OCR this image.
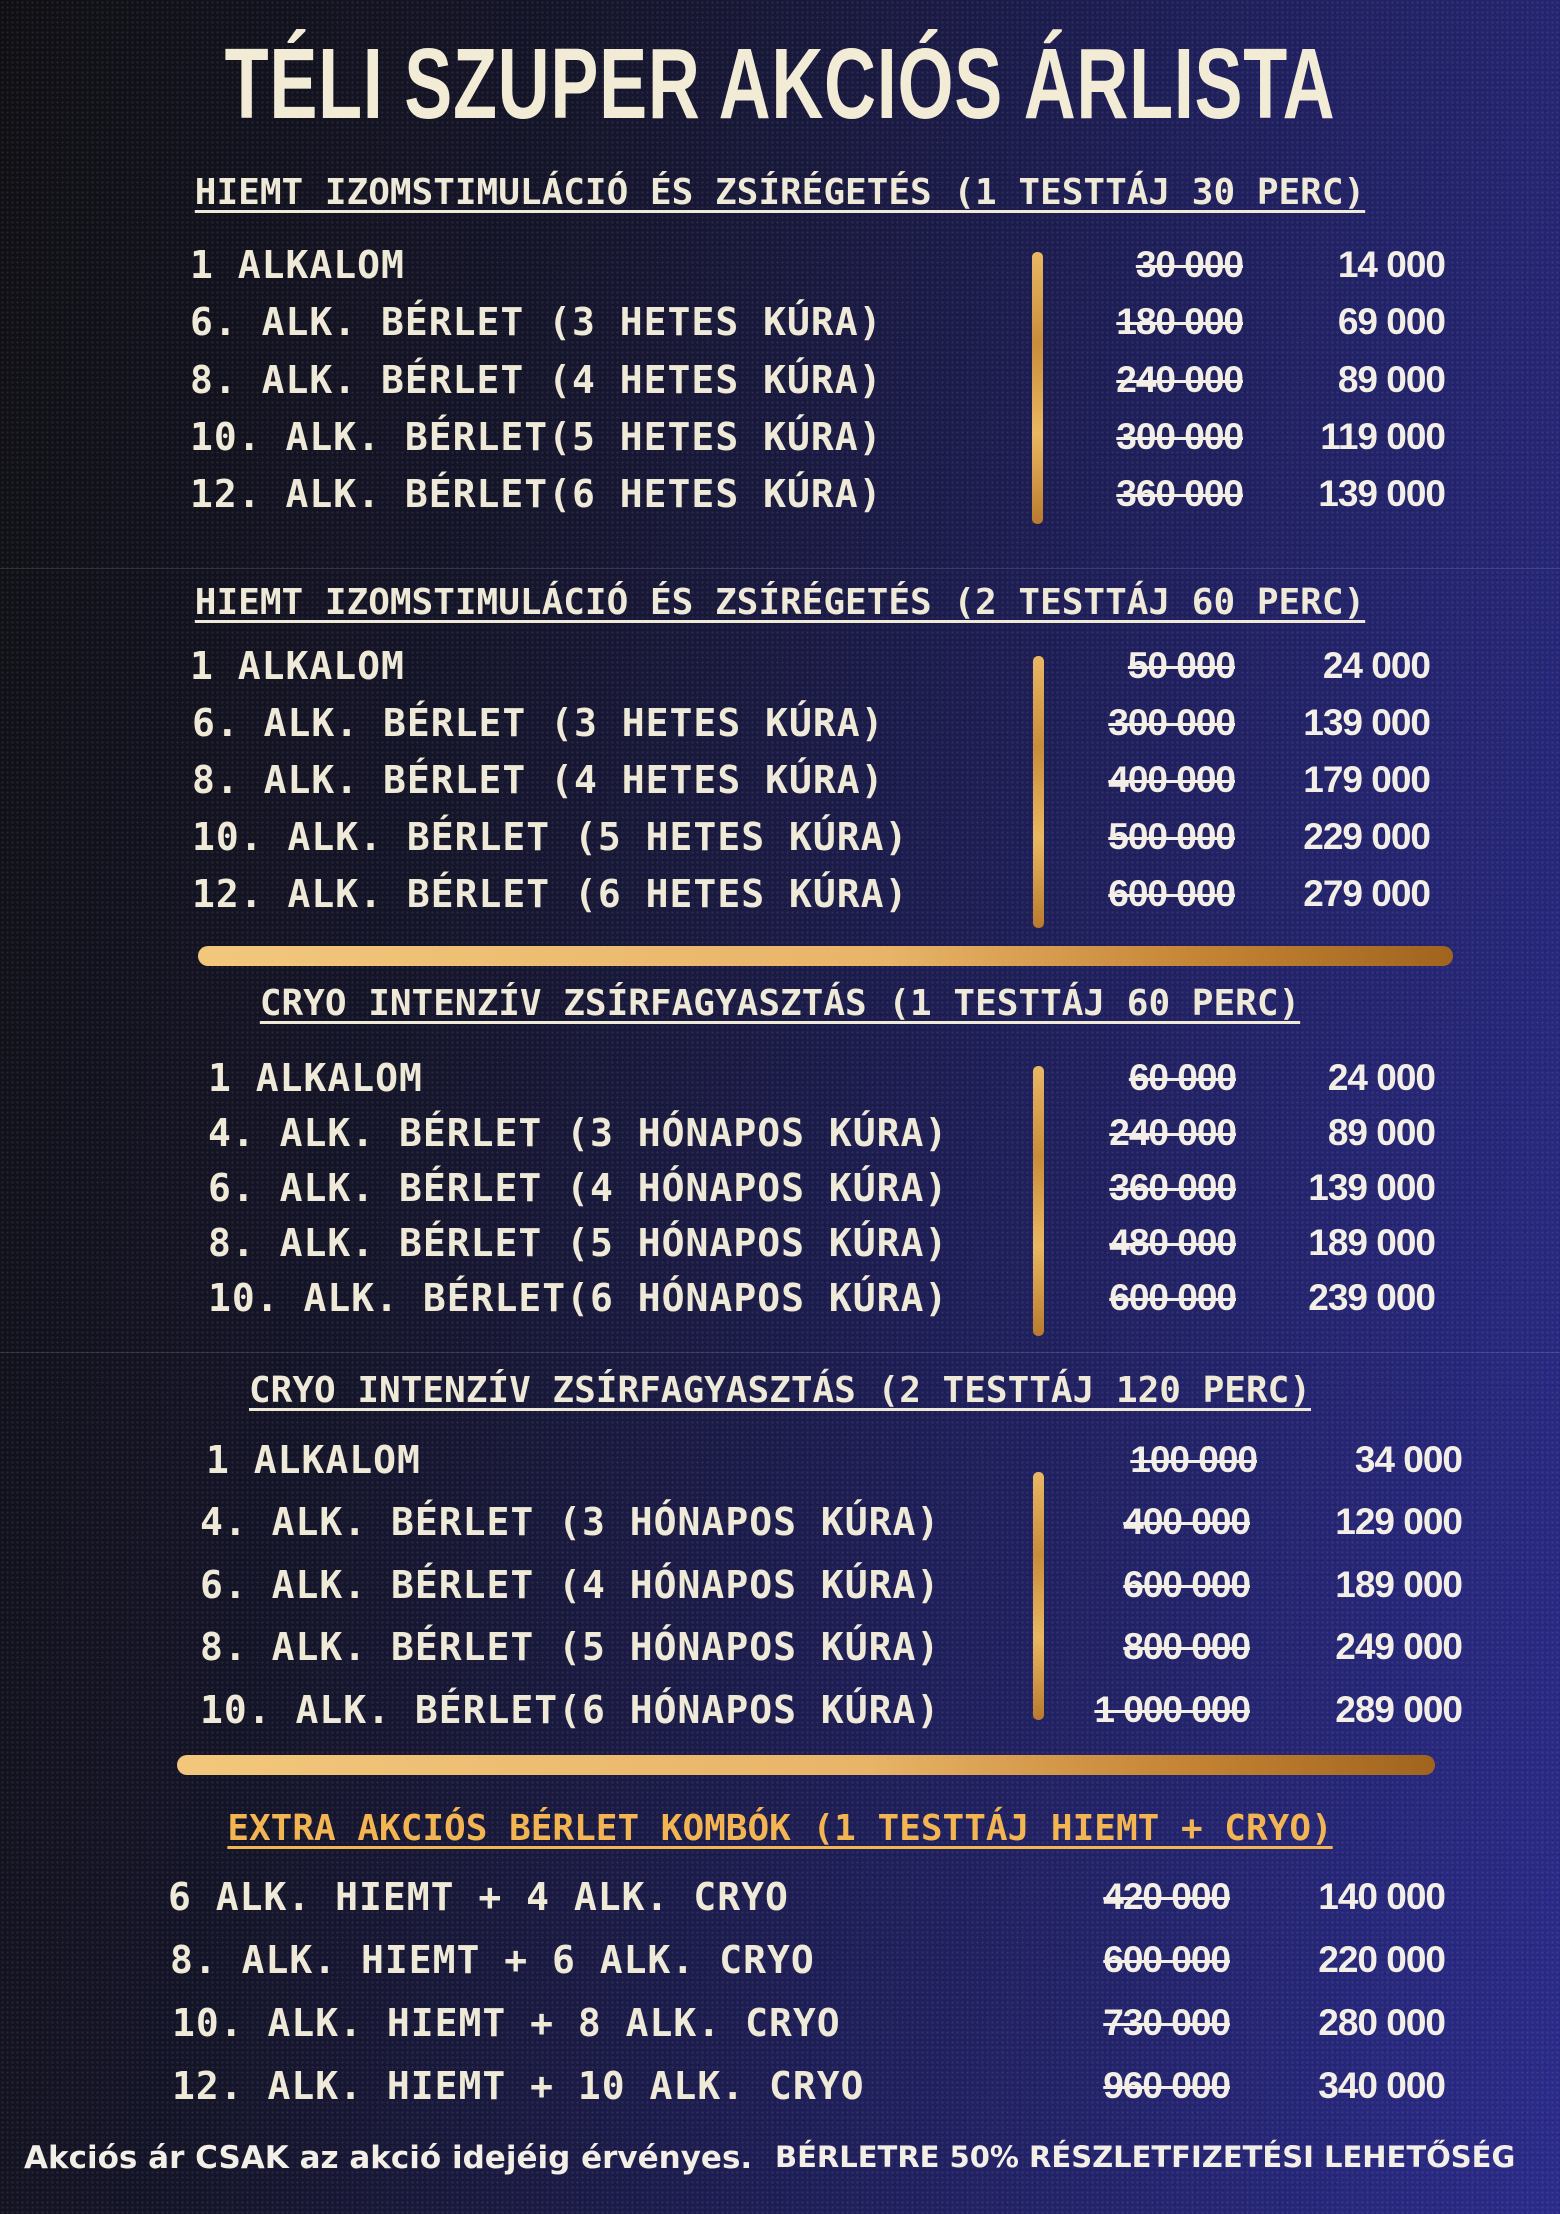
TÉLI SZUPER AKCIÓS ÁRLISTA
HIEMT IZOMSTIMULÁCIÓ ÉS ZSÍRÉGETÉS (1 TESTTÁJ 30 PERC)
1 ALKALOM	30 000	14 000
6. ALK. BÉRLET (3 HETES KÚRA)	180 000	69 000
8. ALK. BÉRLET (4 HETES KÚRA)	240 000	89 000
10. ALK. BÉRLET(5 HETES KÚRA)	300 000	119 000
12. ALK. BÉRLET(6 HETES KÚRA)	360 000	139 000
HIEMT IZOMSTIMULÁCIÓ ÉS ZSÍRÉGETÉS (2 TESTTÁJ 60 PERC)
1 ALKALOM	50 000	24 000
6. ALK. BÉRLET (3 HETES KÚRA)	300 000	139 000
8. ALK. BÉRLET (4 HETES KÚRA)	400 000	179 000
10. ALK. BÉRLET (5 HETES KÚRA)	500 000	229 000
12. ALK. BÉRLET (6 HETES KÚRA)	600 000	279 000
CRYO INTENZÍV ZSÍRFAGYASZTÁS (1 TESTTÁJ 60 PERC)
1 ALKALOM	60 000	24 000
4. ALK. BÉRLET (3 HÓNAPOS KÚRA)	240 000	89 000
6. ALK. BÉRLET (4 HÓNAPOS KÚRA)	360 000	139 000
8. ALK. BÉRLET (5 HÓNAPOS KÚRA)	480 000	189 000
10. ALK. BÉRLET(6 HÓNAPOS KÚRA)	600 000	239 000
CRYO INTENZÍV ZSÍRFAGYASZTÁS (2 TESTTÁJ 120 PERC)
1 ALKALOM	100 000	34 000
4. ALK. BÉRLET (3 HÓNAPOS KÚRA)	400 000	129 000
6. ALK. BÉRLET (4 HÓNAPOS KÚRA)	600 000	189 000
8. ALK. BÉRLET (5 HÓNAPOS KÚRA)	800 000	249 000
10. ALK. BÉRLET(6 HÓNAPOS KÚRA)	1 000 000	289 000
EXTRA AKCIÓS BÉRLET KOMBÓK (1 TESTTÁJ HIEMT + CRYO)
6 ALK. HIEMT + 4 ALK. CRYO	420 000	140 000
8. ALK. HIEMT + 6 ALK. CRYO	600 000	220 000
10. ALK. HIEMT + 8 ALK. CRYO	730 000	280 000
12. ALK. HIEMT + 10 ALK. CRYO	960 000	340 000
Akciós ár CSAK az akció idejéig érvényes. BÉRLETRE 50% RÉSZLETFIZETÉSI LEHETŐSÉG
